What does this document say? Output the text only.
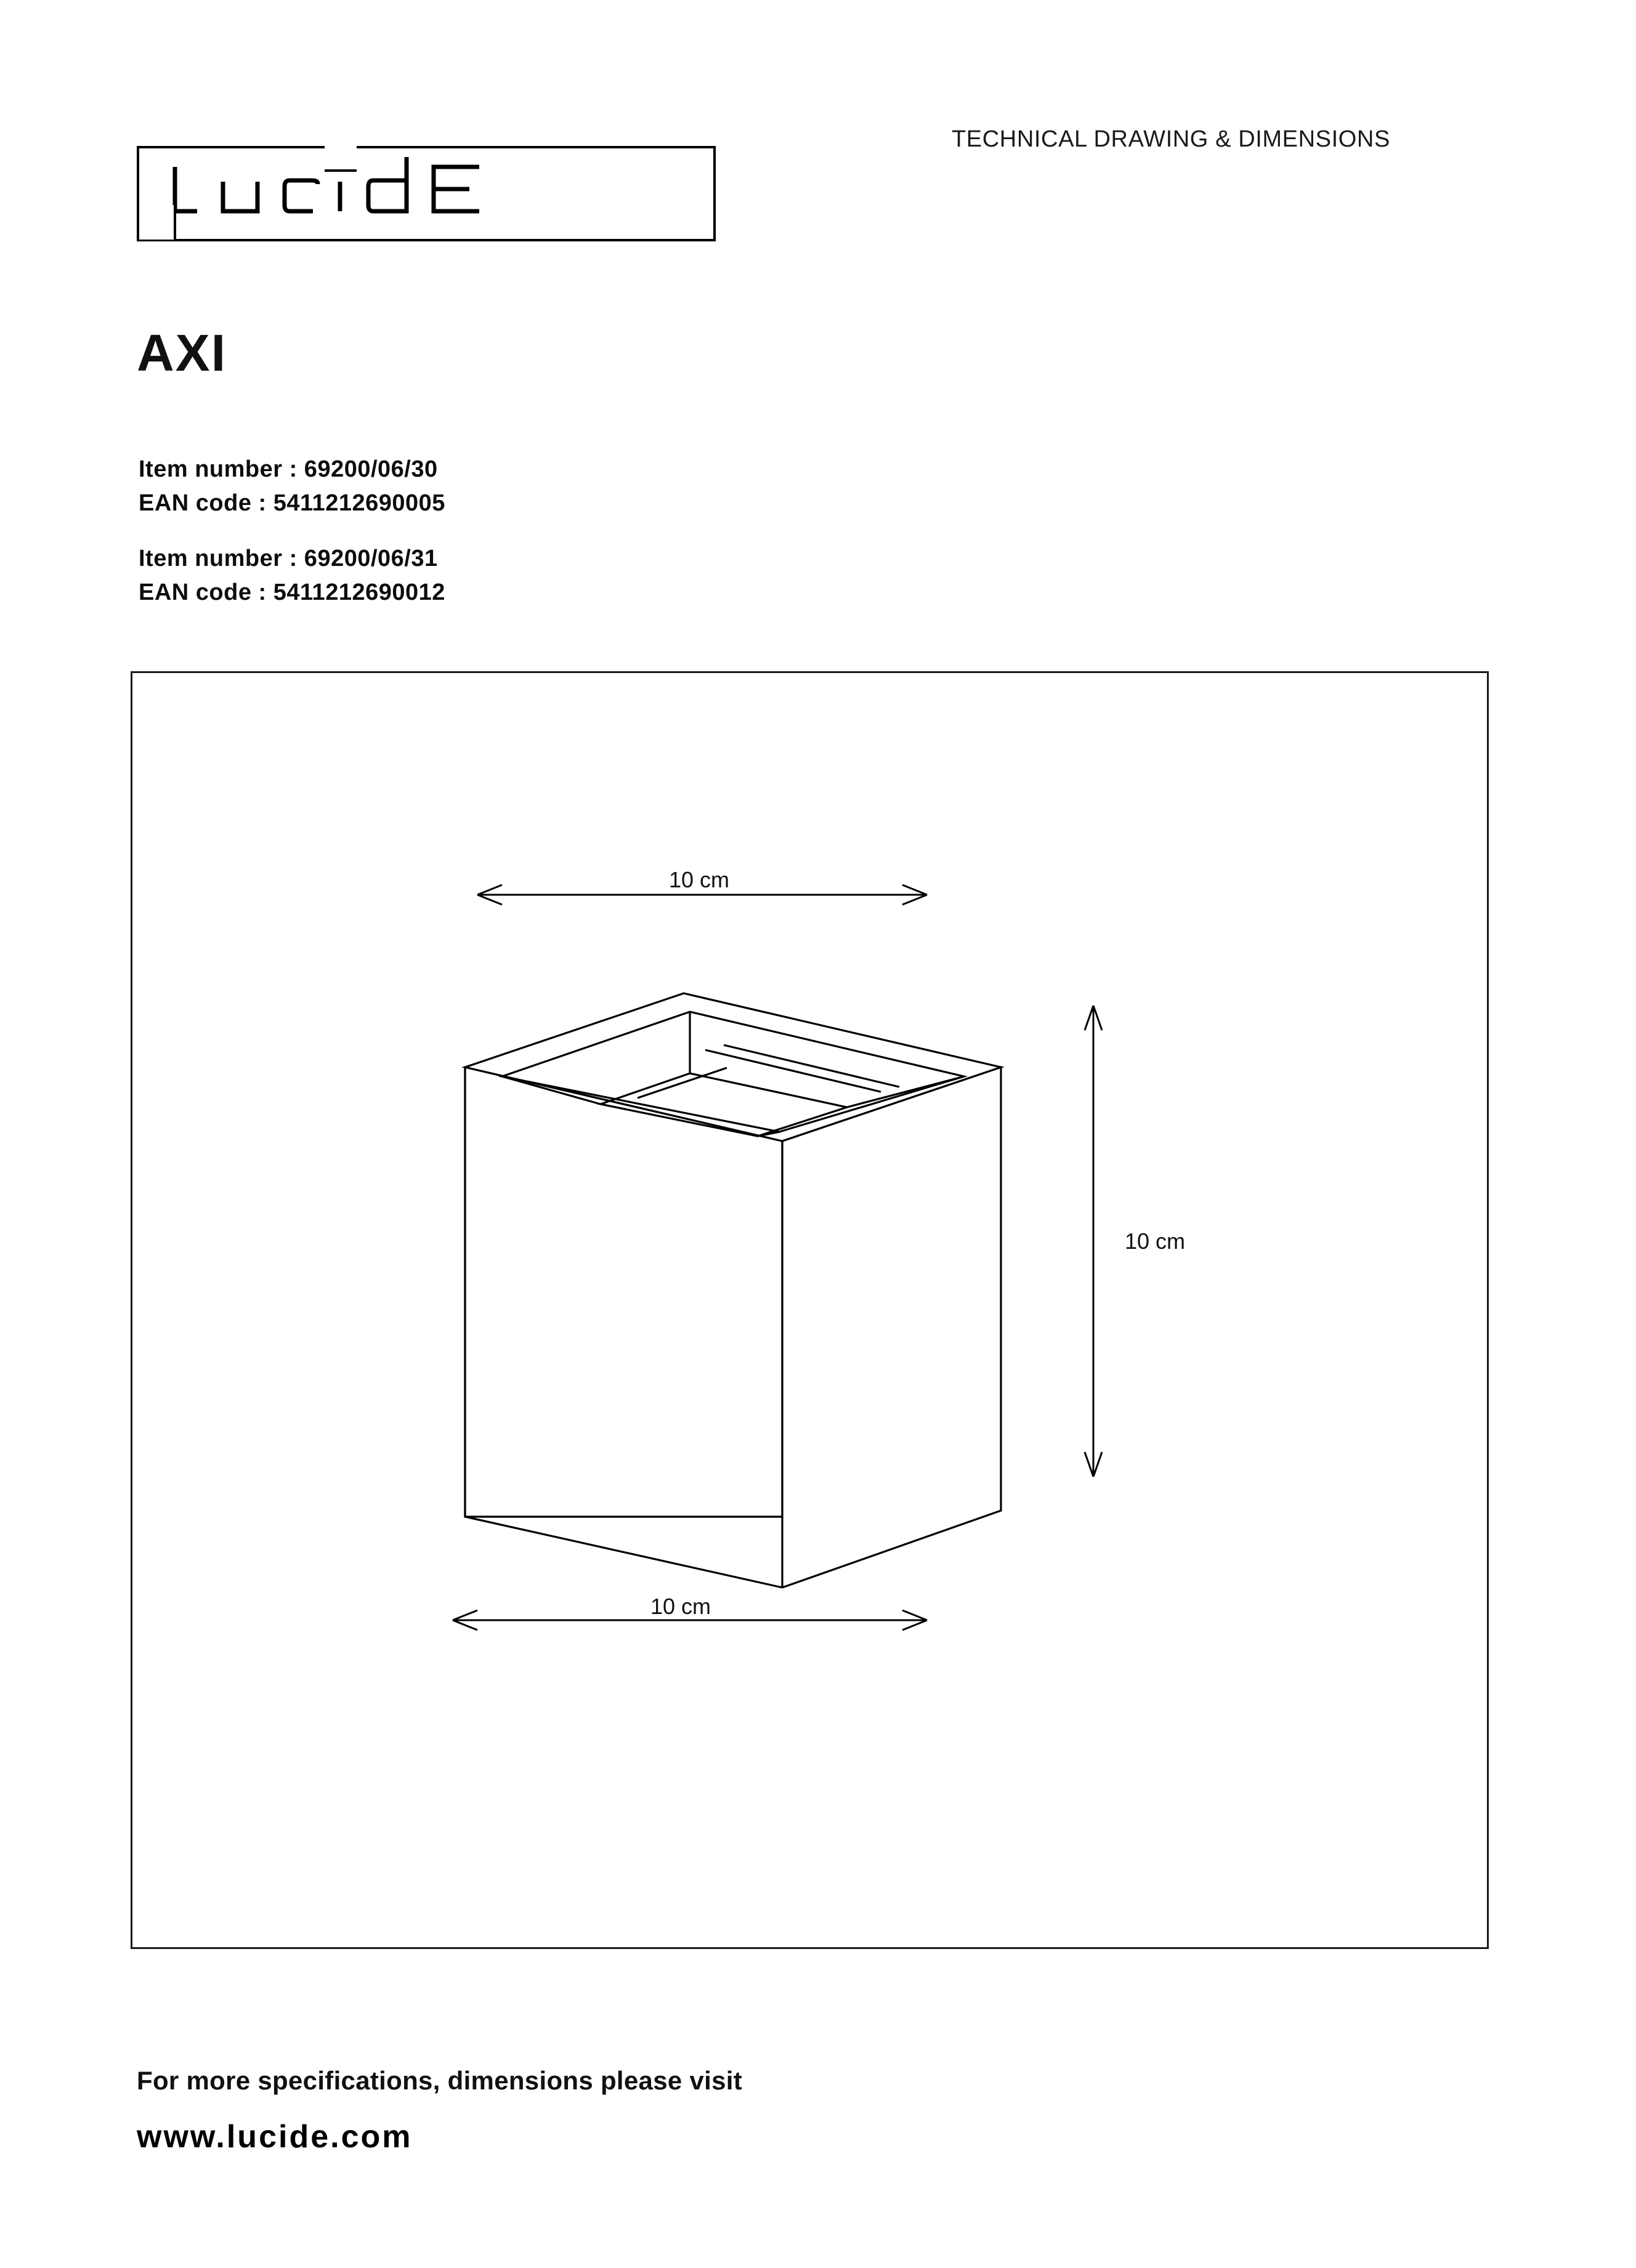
TECHNICAL DRAWING & DIMENSIONS
AXI
Item number : 69200/06/30
EAN code : 5411212690005
Item number : 69200/06/31
EAN code : 5411212690012
10 cm
10 cm
10 cm
For more specifications, dimensions please visit
www.lucide.com
